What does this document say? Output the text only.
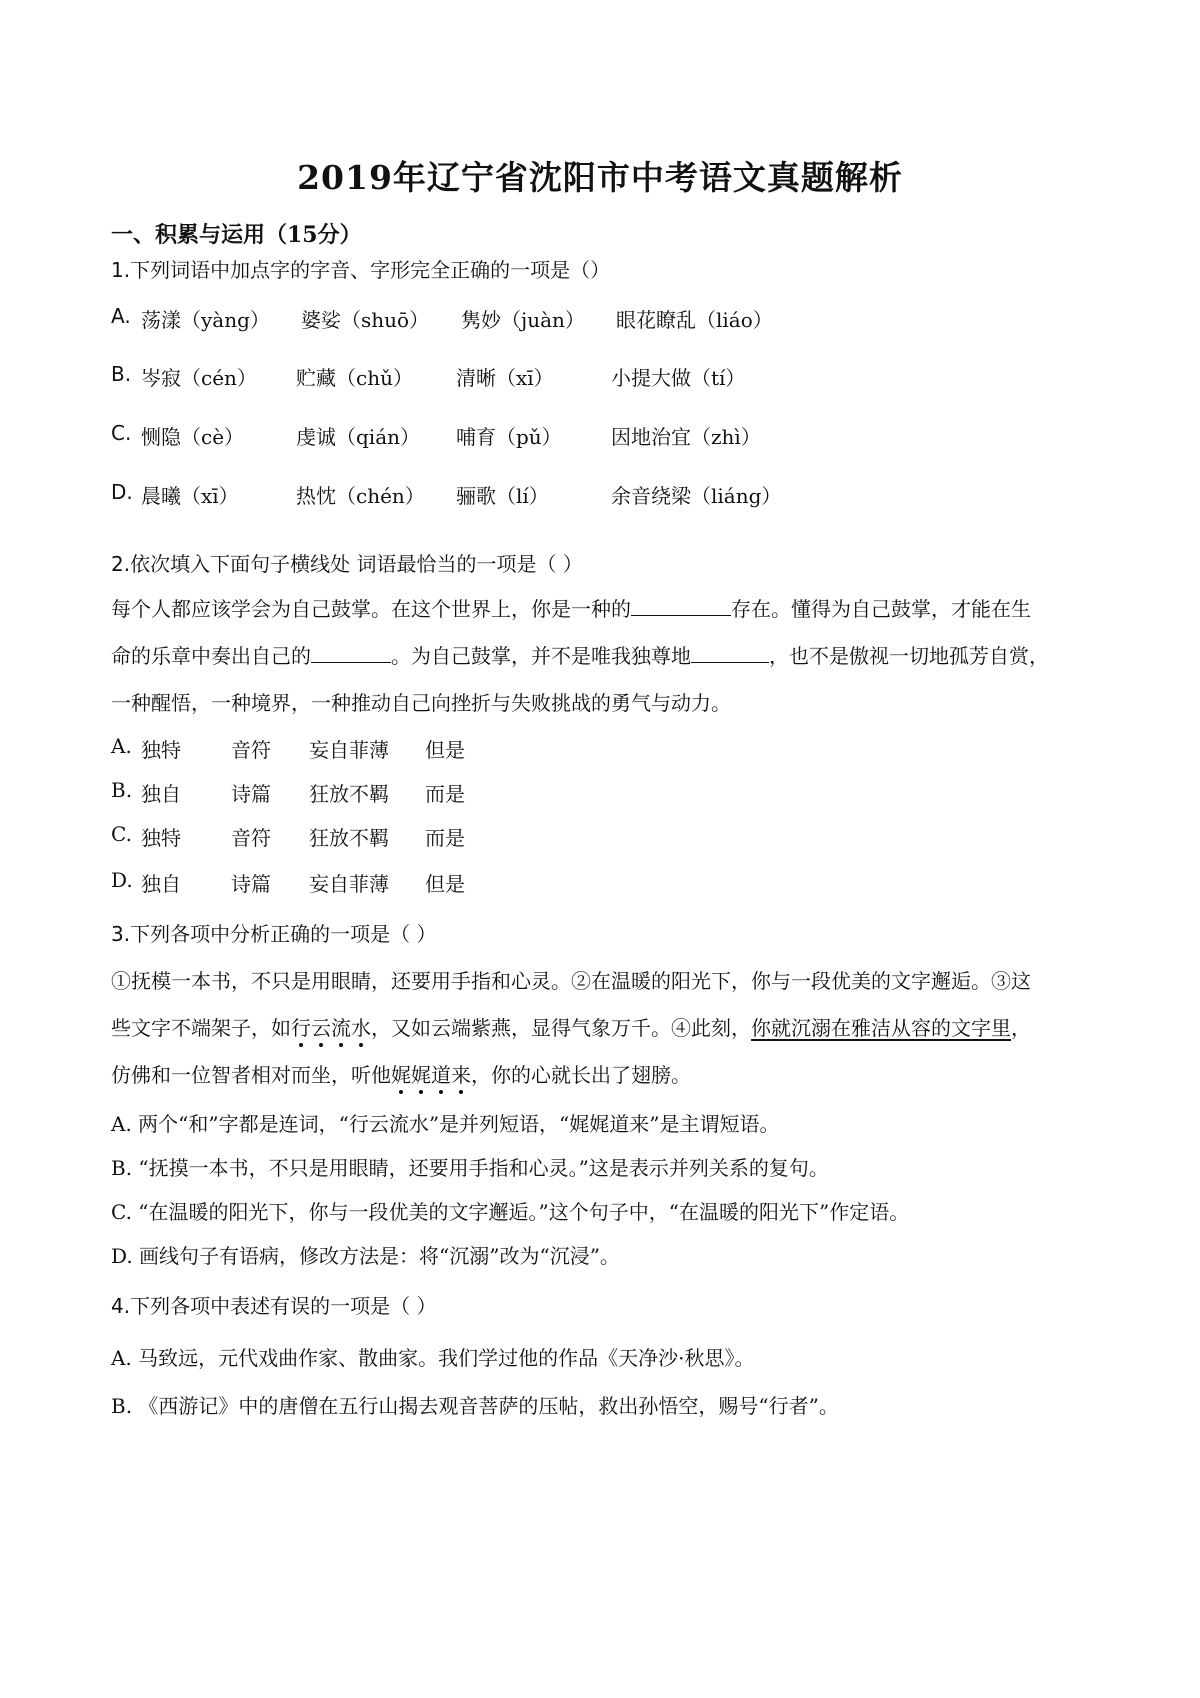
2019年辽宁省沈阳市中考语文真题解析
一、积累与运用（15分）
1.下列词语中加点字的字音、字形完全正确的一项是（）
A. 荡漾（yàng） 婆娑（shuō） 隽妙（juàn） 眼花瞭乱（liáo）
B. 岑寂（cén） 贮藏（chǔ） 清晰（xī）	小提大做（tí）
C. 恻隐（cè）	虔诚（qián） 哺育（pǔ） 因地治宜（zhì）
D. 晨曦（xī）	热忱（chén） 骊歌（lí）	余音绕梁（liáng）
2.依次填入下面句子横线处 词语最恰当的一项是（ ）
每个人都应该学会为自己鼓掌。在这个世界上，你是一种的	存在。懂得为自己鼓掌，才能在生
命的乐章中奏出自己的	。为自己鼓掌，并不是唯我独尊地	，也不是傲视一切地孤芳自赏，
一种醒悟，一种境界，一种推动自己向挫折与失败挑战的勇气与动力。
A. 独特	音符 妄自菲薄 但是
B. 独自	诗篇 狂放不羁 而是
C. 独特	音符 狂放不羁 而是
D. 独自	诗篇 妄自菲薄 但是
3.下列各项中分析正确的一项是（ ）
①抚模一本书，不只是用眼睛，还要用手指和心灵。②在温暖的阳光下，你与一段优美的文字邂逅。③这
些文字不端架子，如行云流水，又如云端紫燕，显得气象万千。④此刻，你就沉溺在雅洁从容的文字里，
仿佛和一位智者相对而坐，听他娓娓道来，你的心就长出了翅膀。
A. 两个“和”字都是连词，“行云流水”是并列短语，“娓娓道来”是主谓短语。
B. “抚摸一本书，不只是用眼睛，还要用手指和心灵。”这是表示并列关系的复句。
C. “在温暖的阳光下，你与一段优美的文字邂逅。”这个句子中，“在温暖的阳光下”作定语。
D. 画线句子有语病，修改方法是：将“沉溺”改为“沉浸”。
4.下列各项中表述有误的一项是（ ）
A. 马致远，元代戏曲作家、散曲家。我们学过他的作品《天净沙·秋思》。
B. 《西游记》中的唐僧在五行山揭去观音菩萨的压帖，救出孙悟空，赐号“行者”。
